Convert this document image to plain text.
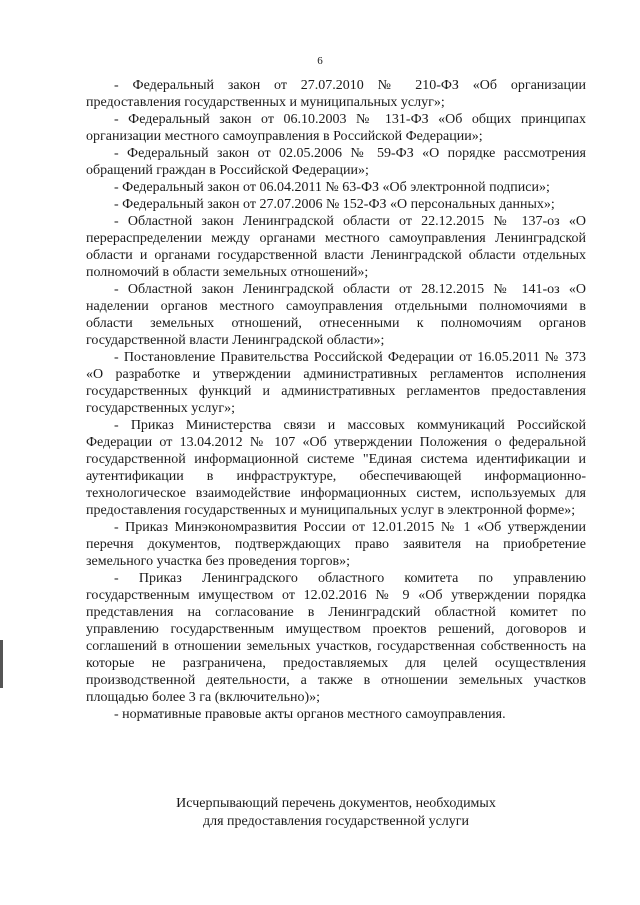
6

- Федеральный закон от 27.07.2010 № 210-ФЗ «Об организации предоставления государственных и муниципальных услуг»;

- Федеральный закон от 06.10.2003 № 131-ФЗ «Об общих принципах организации местного самоуправления в Российской Федерации»;

- Федеральный закон от 02.05.2006 № 59-ФЗ «О порядке рассмотрения обращений граждан в Российской Федерации»;

- Федеральный закон от 06.04.2011 № 63-ФЗ «Об электронной подписи»;

- Федеральный закон от 27.07.2006 № 152-ФЗ «О персональных данных»;

- Областной закон Ленинградской области от 22.12.2015 № 137-оз «О перераспределении между органами местного самоуправления Ленинградской области и органами государственной власти Ленинградской области отдельных полномочий в области земельных отношений»;

- Областной закон Ленинградской области от 28.12.2015 № 141-оз «О наделении органов местного самоуправления отдельными полномочиями в области земельных отношений, отнесенными к полномочиям органов государственной власти Ленинградской области»;

- Постановление Правительства Российской Федерации от 16.05.2011 № 373 «О разработке и утверждении административных регламентов исполнения государственных функций и административных регламентов предоставления государственных услуг»;

- Приказ Министерства связи и массовых коммуникаций Российской Федерации от 13.04.2012 № 107 «Об утверждении Положения о федеральной государственной информационной системе "Единая система идентификации и аутентификации в инфраструктуре, обеспечивающей информационно-технологическое взаимодействие информационных систем, используемых для предоставления государственных и муниципальных услуг в электронной форме»;

- Приказ Минэкономразвития России от 12.01.2015 № 1 «Об утверждении перечня документов, подтверждающих право заявителя на приобретение земельного участка без проведения торгов»;

- Приказ Ленинградского областного комитета по управлению государственным имуществом от 12.02.2016 № 9 «Об утверждении порядка представления на согласование в Ленинградский областной комитет по управлению государственным имуществом проектов решений, договоров и соглашений в отношении земельных участков, государственная собственность на которые не разграничена, предоставляемых для целей осуществления производственной деятельности, а также в отношении земельных участков площадью более 3 га (включительно)»;

- нормативные правовые акты органов местного самоуправления.

Исчерпывающий перечень документов, необходимых
для предоставления государственной услуги
